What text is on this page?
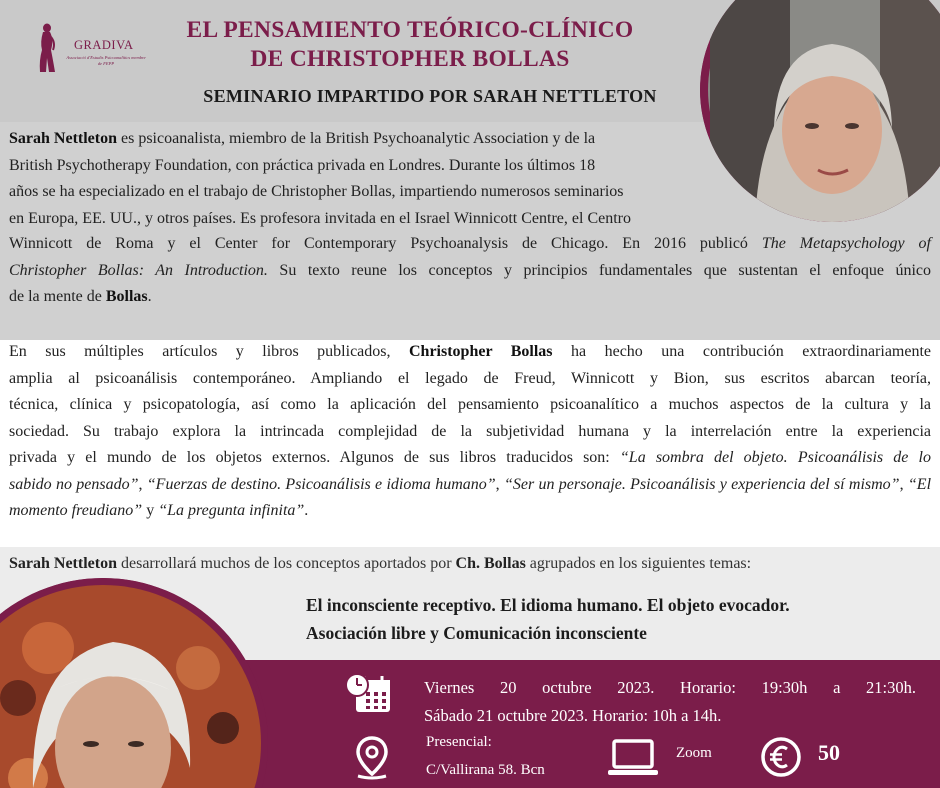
GRADIVA
Associació d'Estudis Psicoanalítics membre de FEPP
EL PENSAMIENTO TEÓRICO-CLÍNICO
DE CHRISTOPHER BOLLAS
SEMINARIO IMPARTIDO POR SARAH NETTLETON
Sarah Nettleton es psicoanalista, miembro de la British Psychoanalytic Association y de la
British Psychotherapy Foundation, con práctica privada en Londres. Durante los últimos 18
años se ha especializado en el trabajo de Christopher Bollas, impartiendo numerosos seminarios
en Europa, EE. UU., y otros países. Es profesora invitada en el Israel Winnicott Centre, el Centro
Winnicott de Roma y el Center for Contemporary Psychoanalysis de Chicago. En 2016 publicó The Metapsychology of
Christopher Bollas: An Introduction. Su texto reune los conceptos y principios fundamentales que sustentan el enfoque único
de la mente de Bollas.
En sus múltiples artículos y libros publicados, Christopher Bollas ha hecho una contribución extraordinariamente
amplia al psicoanálisis contemporáneo. Ampliando el legado de Freud, Winnicott y Bion, sus escritos abarcan teoría,
técnica, clínica y psicopatología, así como la aplicación del pensamiento psicoanalítico a muchos aspectos de la cultura y la
sociedad. Su trabajo explora la intrincada complejidad de la subjetividad humana y la interrelación entre la experiencia
privada y el mundo de los objetos externos. Algunos de sus libros traducidos son: “La sombra del objeto. Psicoanálisis de lo
sabido no pensado”, “Fuerzas de destino. Psicoanálisis e idioma humano”, “Ser un personaje. Psicoanálisis y experiencia del sí mismo”, “El
momento freudiano” y “La pregunta infinita”.
Sarah Nettleton desarrollará muchos de los conceptos aportados por Ch. Bollas agrupados en los siguientes temas:
El inconsciente receptivo. El idioma humano. El objeto evocador.
Asociación libre y Comunicación inconsciente
Viernes 20 octubre 2023. Horario: 19:30h a 21:30h.
Sábado 21 octubre 2023. Horario: 10h a 14h.
Presencial:
C/Vallirana 58. Bcn
Zoom	50
